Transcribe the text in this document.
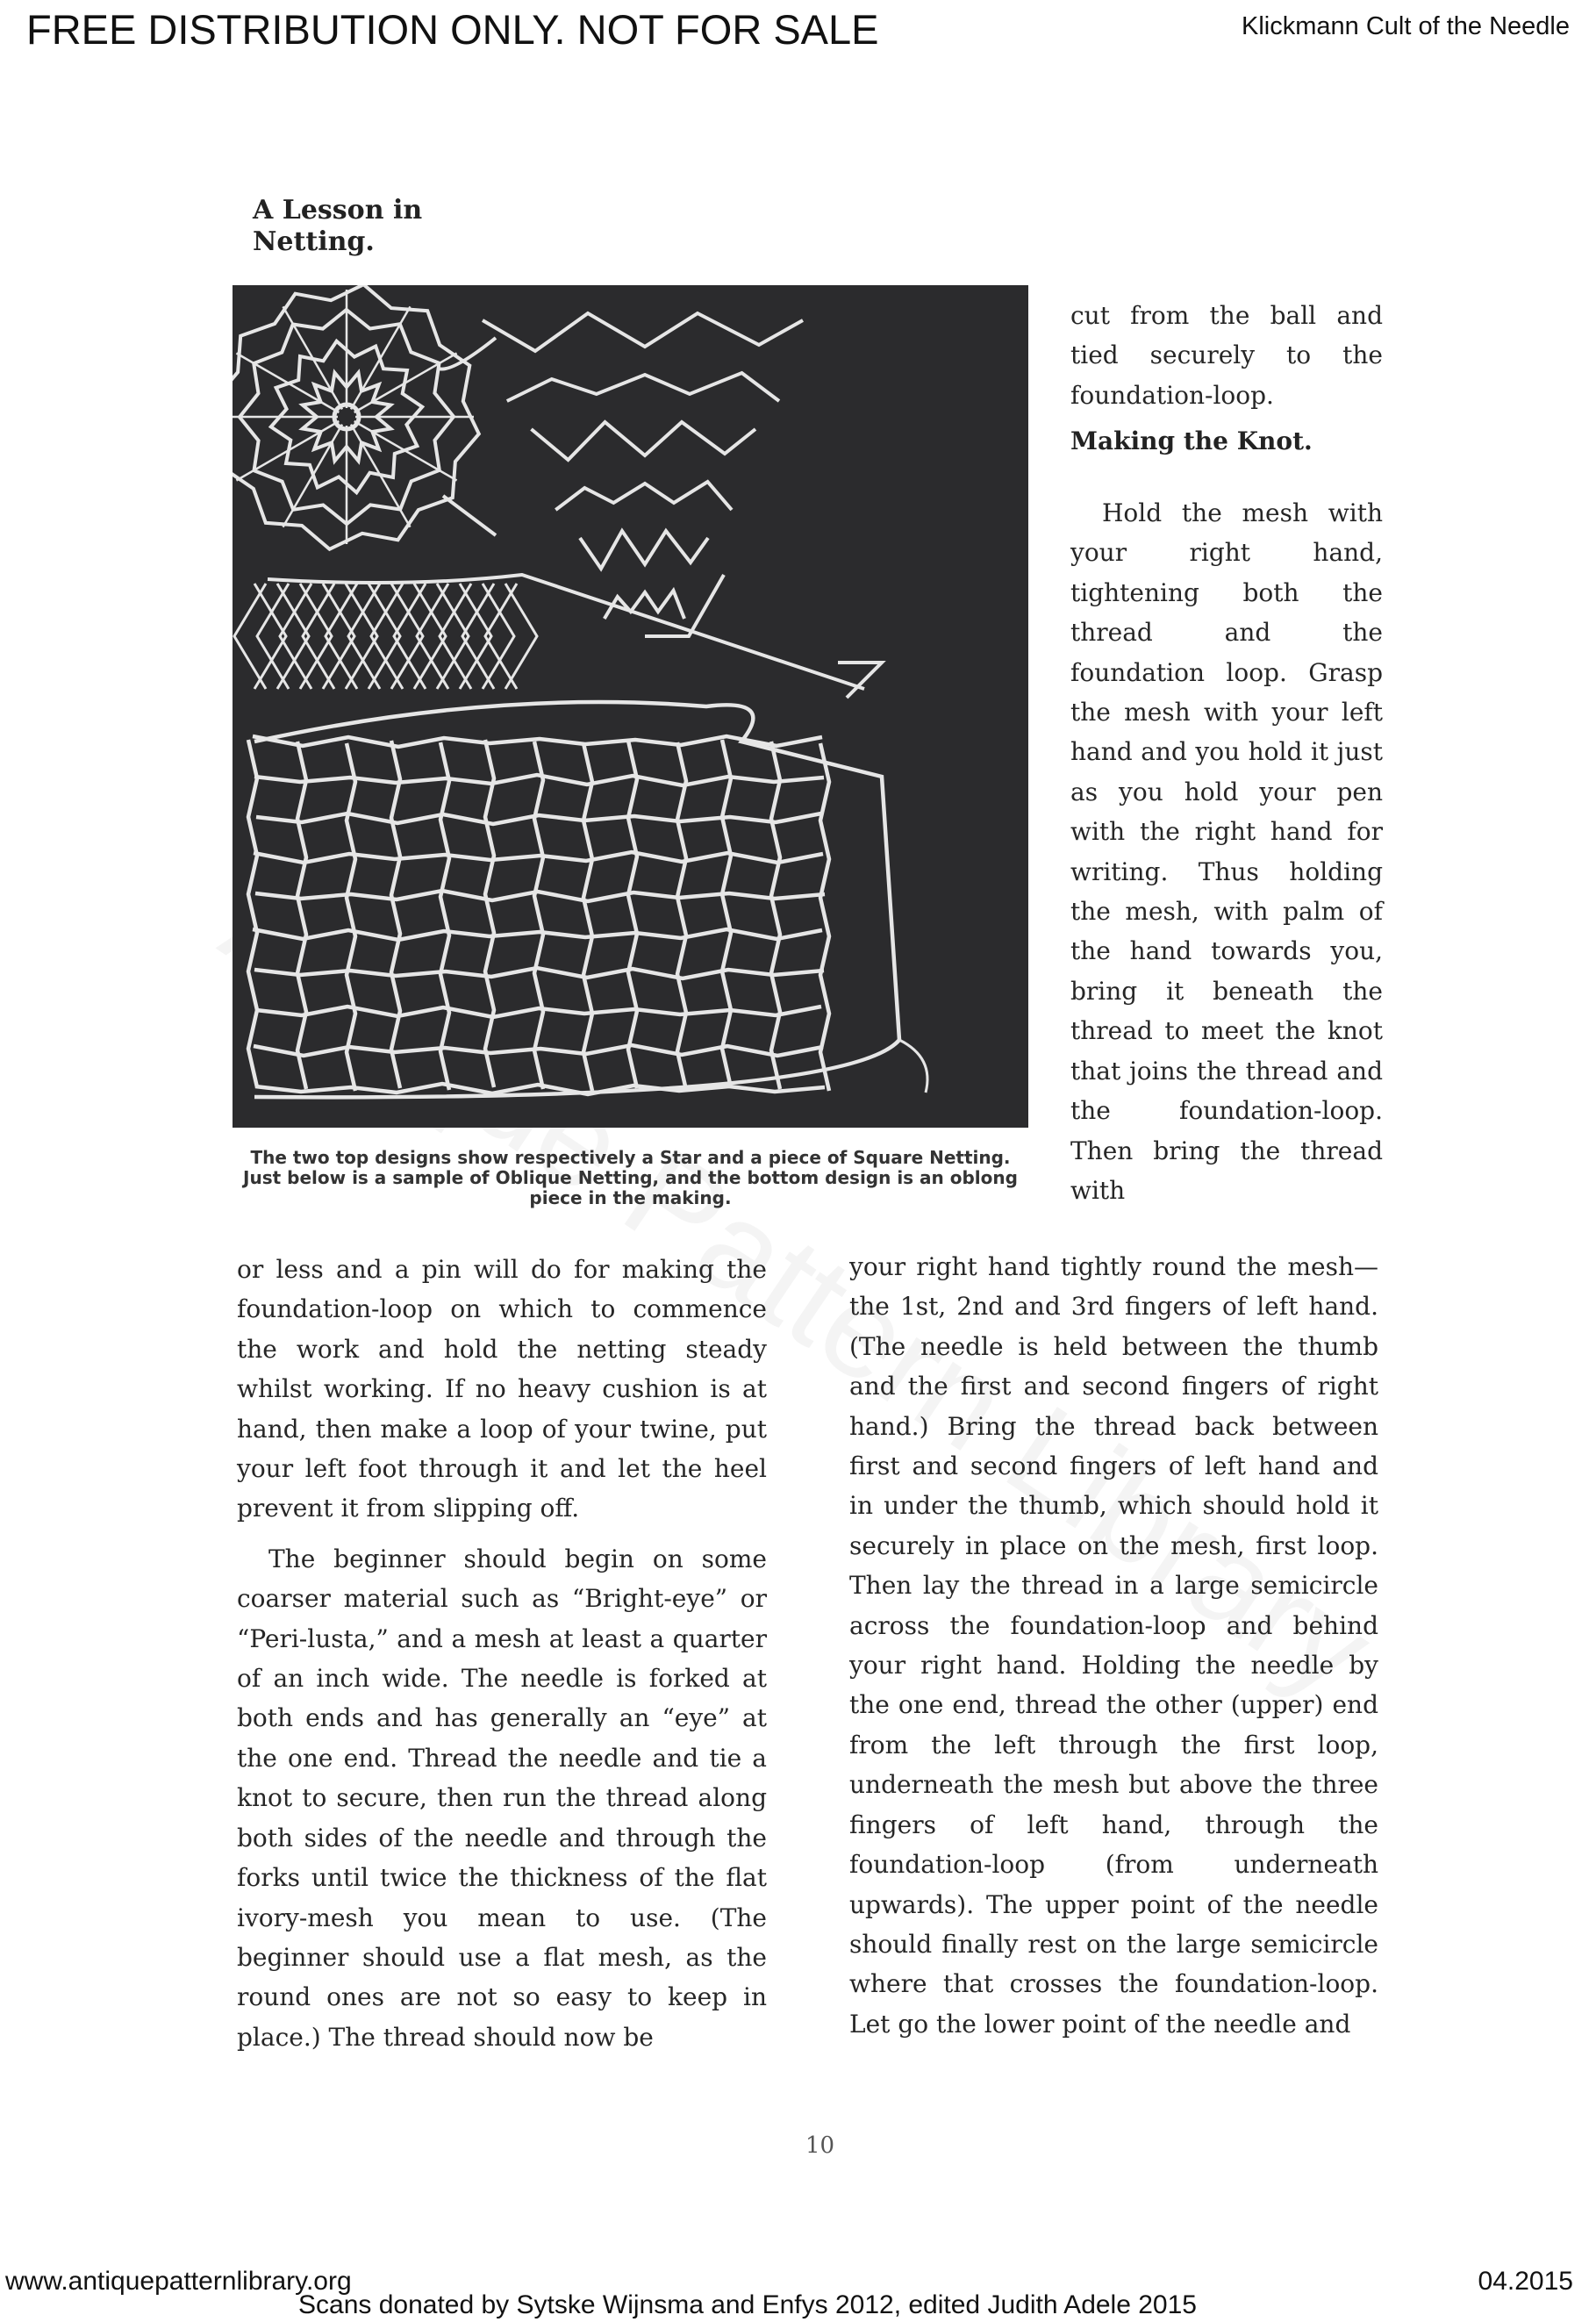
FREE DISTRIBUTION ONLY. NOT FOR SALE	Klickmann Cult of the Needle
A Lesson in Netting.
The two top designs show respectively a Star and a piece of Square Netting. Just below is a sample of Oblique Netting, and the bottom design is an oblong piece in the making.

cut from the ball and tied securely to the foundation-loop.

Making the Knot.

Hold the mesh with your right hand, tightening both the thread and the foundation loop. Grasp the mesh with your left hand and you hold it just as you hold your pen with the right hand for writing. Thus holding the mesh, with palm of the hand towards you, bring it beneath the thread to meet the knot that joins the thread and the foundation-loop. Then bring the thread with

or less and a pin will do for making the foundation-loop on which to commence the work and hold the netting steady whilst working. If no heavy cushion is at hand, then make a loop of your twine, put your left foot through it and let the heel prevent it from slipping off.

The beginner should begin on some coarser material such as “Bright-eye” or “Peri-lusta,” and a mesh at least a quarter of an inch wide. The needle is forked at both ends and has generally an “eye” at the one end. Thread the needle and tie a knot to secure, then run the thread along both sides of the needle and through the forks until twice the thickness of the flat ivory-mesh you mean to use. (The beginner should use a flat mesh, as the round ones are not so easy to keep in place.) The thread should now be

your right hand tightly round the mesh—the 1st, 2nd and 3rd fingers of left hand. (The needle is held between the thumb and the first and second fingers of right hand.) Bring the thread back between first and second fingers of left hand and in under the thumb, which should hold it securely in place on the mesh, first loop. Then lay the thread in a large semicircle across the foundation-loop and behind your right hand. Holding the needle by the one end, thread the other (upper) end from the left through the first loop, underneath the mesh but above the three fingers of left hand, through the foundation-loop (from underneath upwards). The upper point of the needle should finally rest on the large semicircle where that crosses the foundation-loop. Let go the lower point of the needle and

10
www.antiquepatternlibrary.org	04.2015
Scans donated by Sytske Wijnsma and Enfys 2012, edited Judith Adele 2015
